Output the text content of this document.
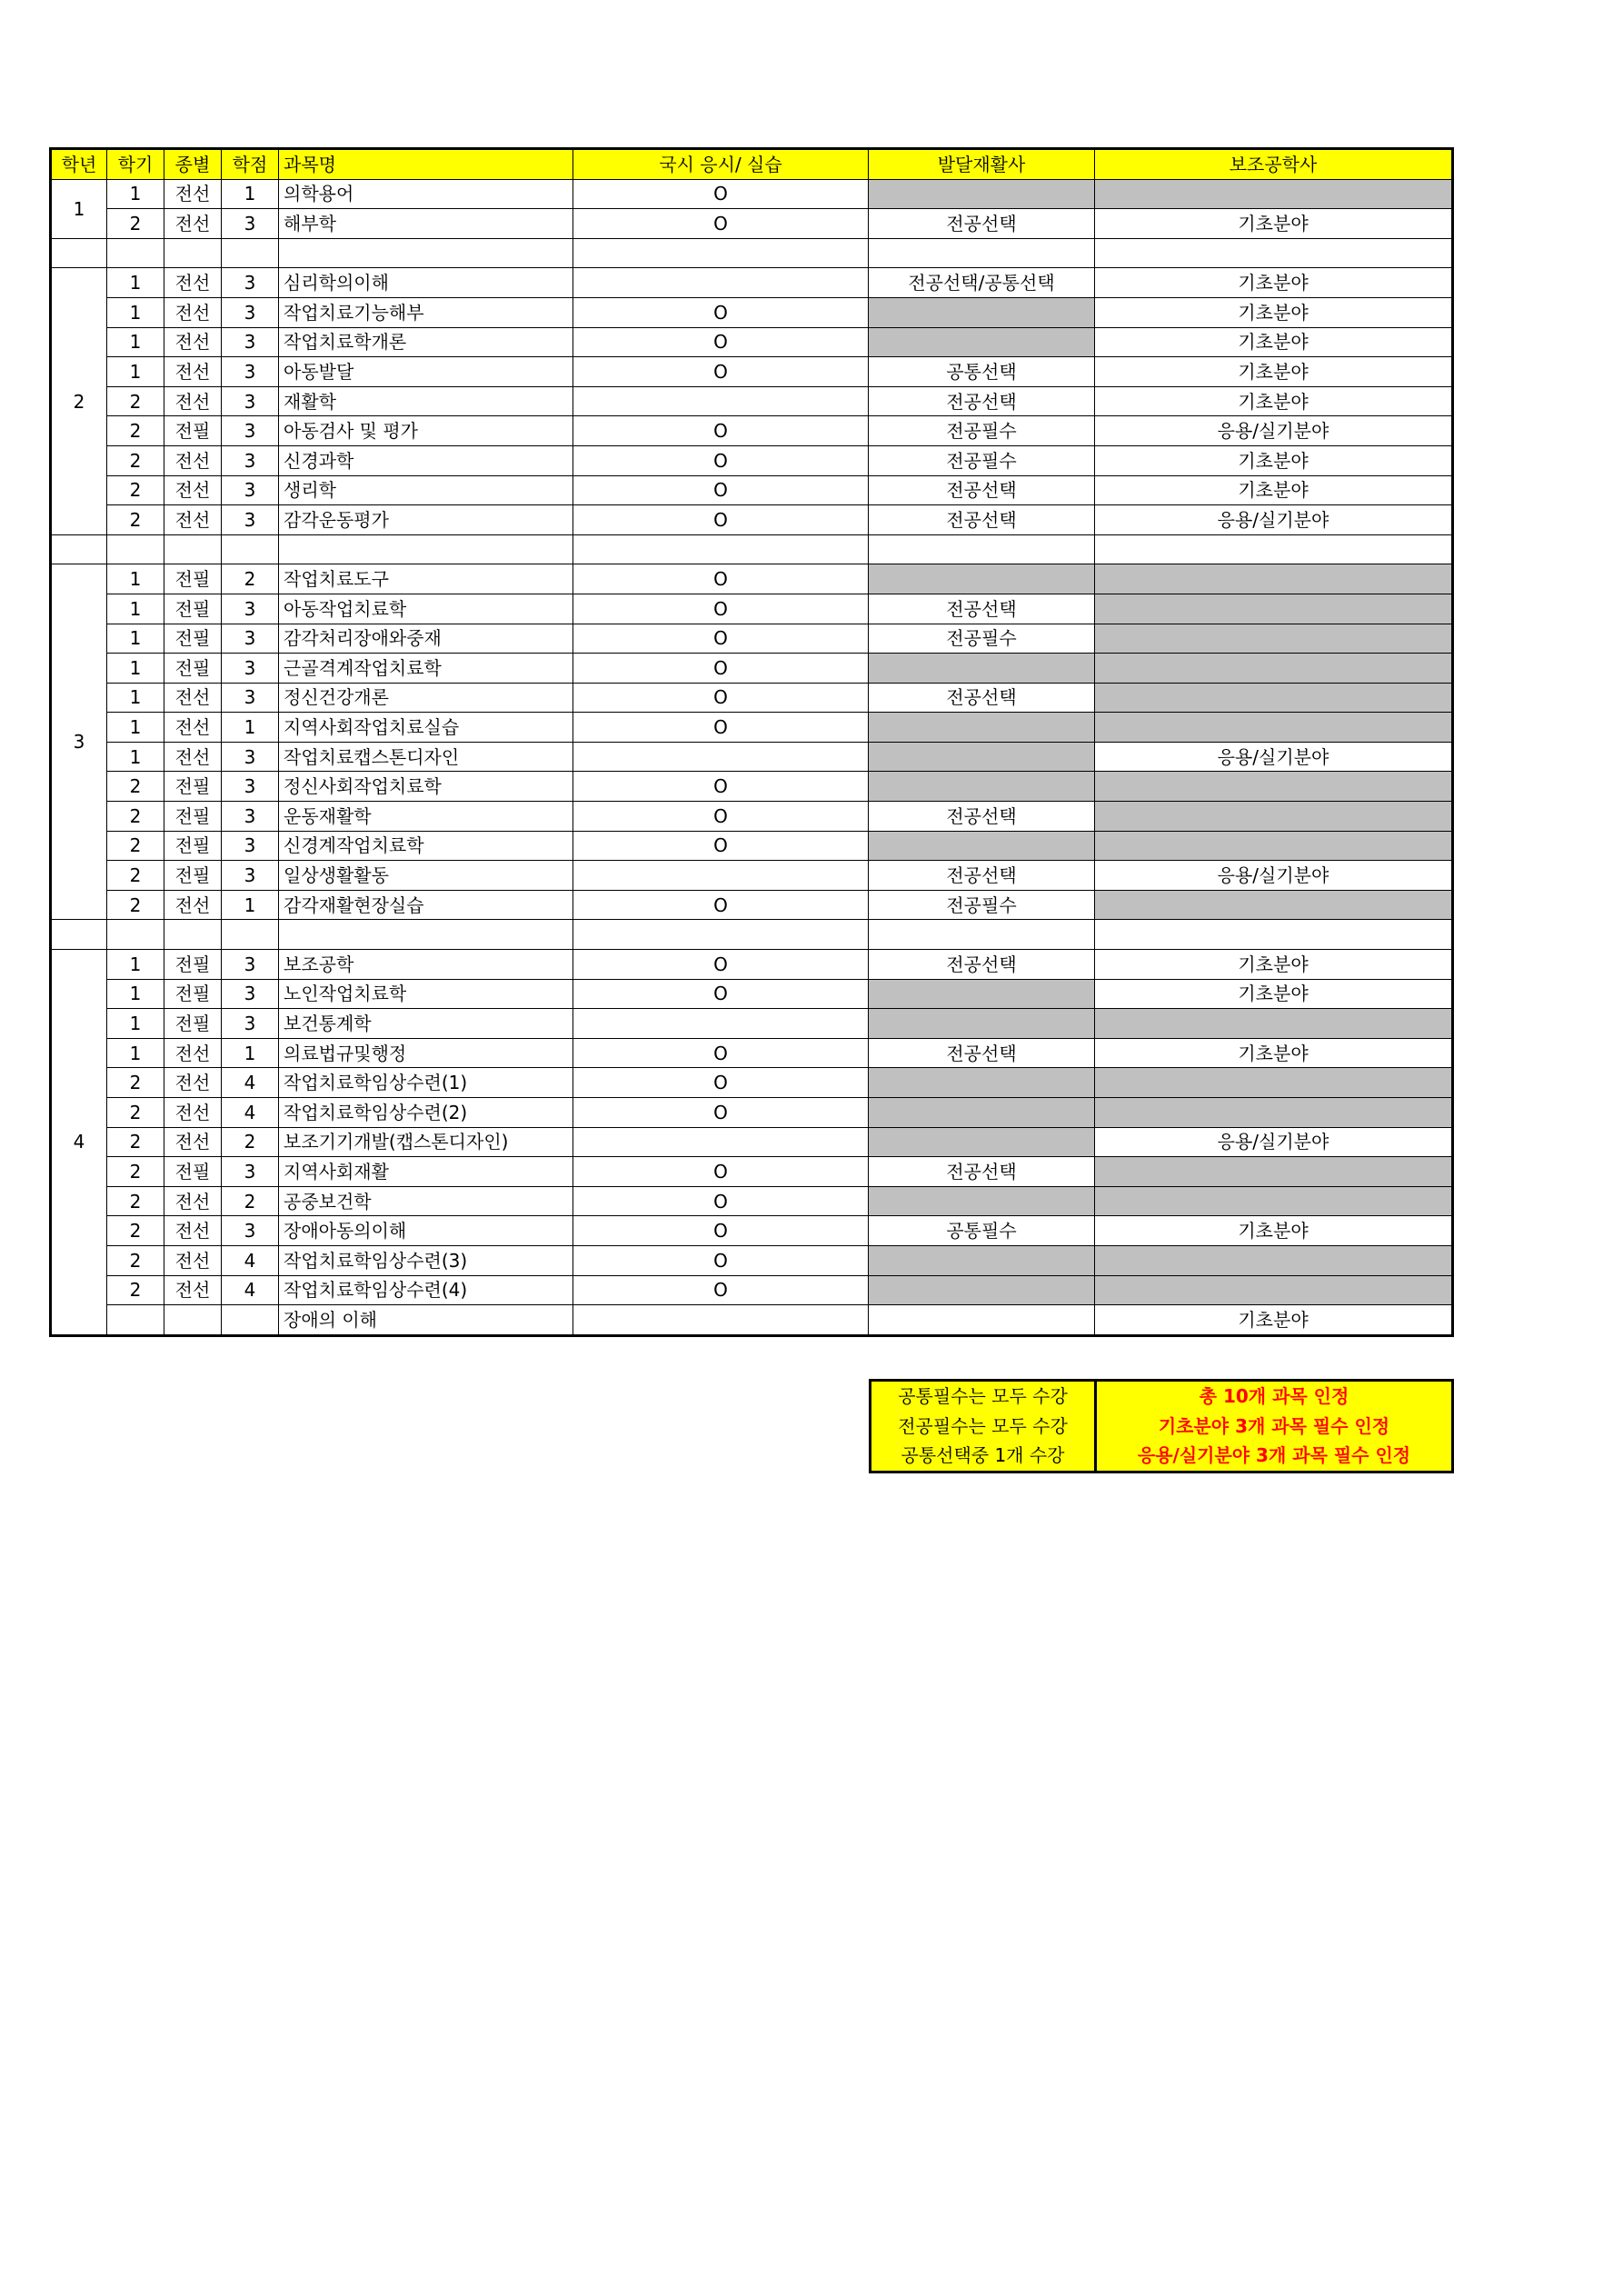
학년	학기	종별	학점	과목명	국시 응시/ 실습	발달재활사	보조공학사
1	1	전선	1	의학용어	O		
	2	전선	3	해부학	O	전공선택	기초분야

2	1	전선	3	심리학의이해		전공선택/공통선택	기초분야
	1	전선	3	작업치료기능해부	O		기초분야
	1	전선	3	작업치료학개론	O		기초분야
	1	전선	3	아동발달	O	공통선택	기초분야
	2	전선	3	재활학		전공선택	기초분야
	2	전필	3	아동검사 및 평가	O	전공필수	응용/실기분야
	2	전선	3	신경과학	O	전공필수	기초분야
	2	전선	3	생리학	O	전공선택	기초분야
	2	전선	3	감각운동평가	O	전공선택	응용/실기분야

3	1	전필	2	작업치료도구	O		
	1	전필	3	아동작업치료학	O	전공선택	
	1	전필	3	감각처리장애와중재	O	전공필수	
	1	전필	3	근골격계작업치료학	O		
	1	전선	3	정신건강개론	O	전공선택	
	1	전선	1	지역사회작업치료실습	O		
	1	전선	3	작업치료캡스톤디자인			응용/실기분야
	2	전필	3	정신사회작업치료학	O		
	2	전필	3	운동재활학	O	전공선택	
	2	전필	3	신경계작업치료학	O		
	2	전필	3	일상생활활동		전공선택	응용/실기분야
	2	전선	1	감각재활현장실습	O	전공필수	

4	1	전필	3	보조공학	O	전공선택	기초분야
	1	전필	3	노인작업치료학	O		기초분야
	1	전필	3	보건통계학			
	1	전선	1	의료법규및행정	O	전공선택	기초분야
	2	전선	4	작업치료학임상수련(1)	O		
	2	전선	4	작업치료학임상수련(2)	O		
	2	전선	2	보조기기개발(캡스톤디자인)			응용/실기분야
	2	전필	3	지역사회재활	O	전공선택	
	2	전선	2	공중보건학	O		
	2	전선	3	장애아동의이해	O	공통필수	기초분야
	2	전선	4	작업치료학임상수련(3)	O		
	2	전선	4	작업치료학임상수련(4)	O		
				장애의 이해			기초분야
공통필수는 모두 수강	총 10개 과목 인정
전공필수는 모두 수강	기초분야 3개 과목 필수 인정
공통선택중 1개 수강	응용/실기분야 3개 과목 필수 인정
